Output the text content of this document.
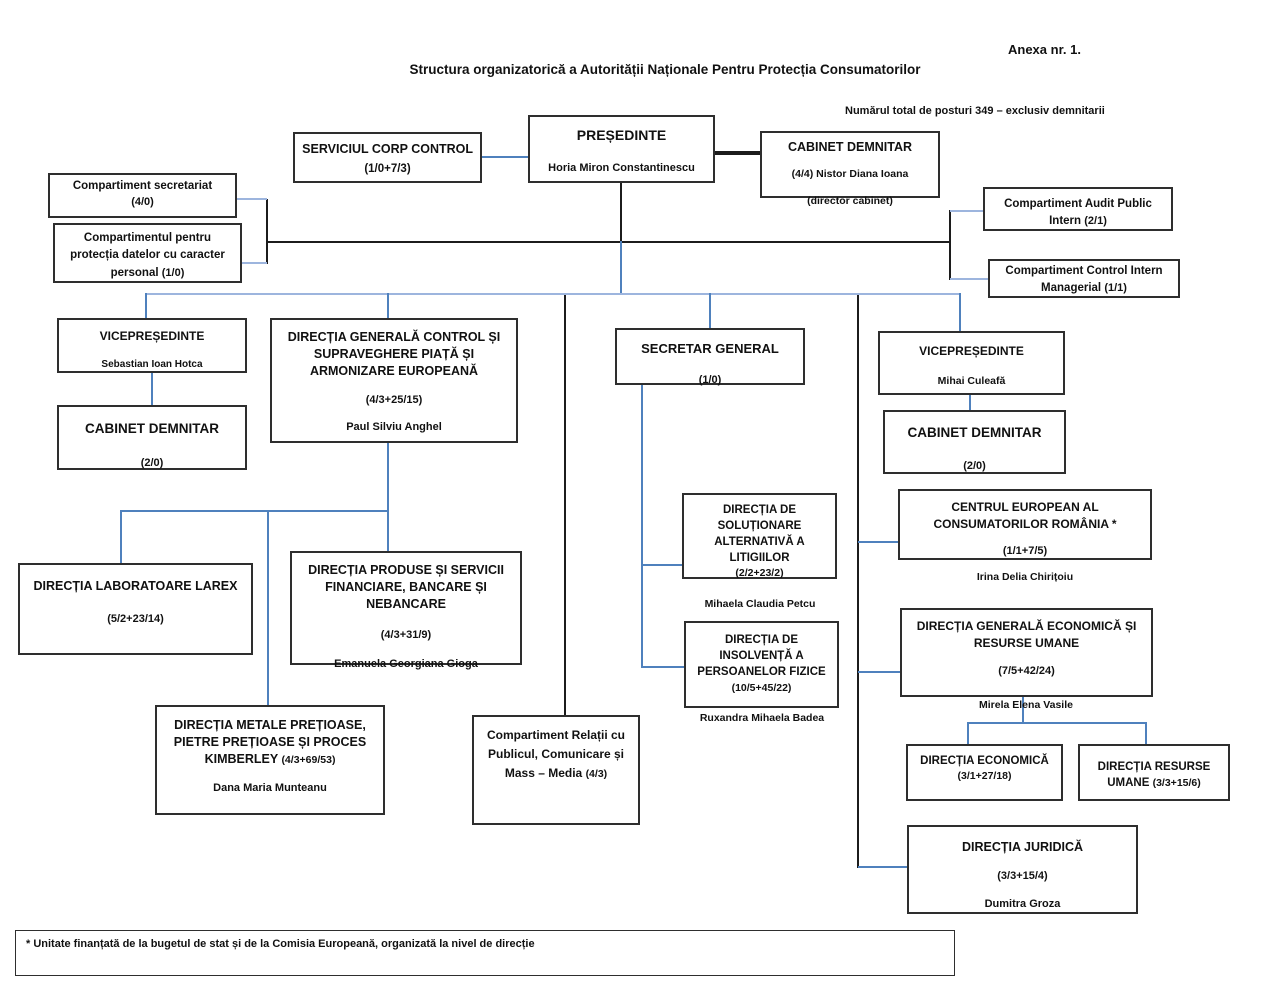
Anexa nr. 1.
Structura organizatorică a Autorității Naționale Pentru Protecția Consumatorilor
Numărul total de posturi 349 – exclusiv demnitarii
PREȘEDINTE
Horia Miron Constantinescu
SERVICIUL CORP CONTROL (1/0+7/3)
CABINET DEMNITAR
(4/4) Nistor Diana Ioana
(director cabinet)
Compartiment secretariat
(4/0)
Compartimentul pentru protecția datelor cu caracter personal (1/0)
Compartiment Audit Public Intern (2/1)
Compartiment Control Intern Managerial (1/1)
VICEPREȘEDINTE
Sebastian Ioan Hotca
CABINET DEMNITAR
(2/0)
DIRECȚIA GENERALĂ CONTROL ȘI SUPRAVEGHERE PIAȚĂ ȘI ARMONIZARE EUROPEANĂ
(4/3+25/15)
Paul Silviu Anghel
SECRETAR GENERAL
(1/0)
VICEPREȘEDINTE
Mihai Culeafă
CABINET DEMNITAR
(2/0)
DIRECȚIA LABORATOARE LAREX
(5/2+23/14)
DIRECȚIA PRODUSE ȘI SERVICII FINANCIARE, BANCARE ȘI NEBANCARE
(4/3+31/9)
Emanuela Georgiana Gioga
DIRECȚIA METALE PREȚIOASE, PIETRE PREȚIOASE ȘI PROCES KIMBERLEY (4/3+69/53)
Dana Maria Munteanu
Compartiment Relații cu Publicul, Comunicare și Mass – Media (4/3)
DIRECȚIA DE SOLUȚIONARE ALTERNATIVĂ A LITIGIILOR
(2/2+23/2)
Mihaela Claudia Petcu
DIRECȚIA DE INSOLVENȚĂ A PERSOANELOR FIZICE (10/5+45/22)
Ruxandra Mihaela Badea
CENTRUL EUROPEAN AL CONSUMATORILOR ROMÂNIA *
(1/1+7/5)
Irina Delia Chirițoiu
DIRECȚIA GENERALĂ ECONOMICĂ ȘI RESURSE UMANE
(7/5+42/24)
Mirela Elena Vasile
DIRECȚIA ECONOMICĂ
(3/1+27/18)
DIRECȚIA RESURSE UMANE (3/3+15/6)
DIRECȚIA JURIDICĂ
(3/3+15/4)
Dumitra Groza
* Unitate finanțată de la bugetul de stat și de la Comisia Europeană, organizată la nivel de direcție
